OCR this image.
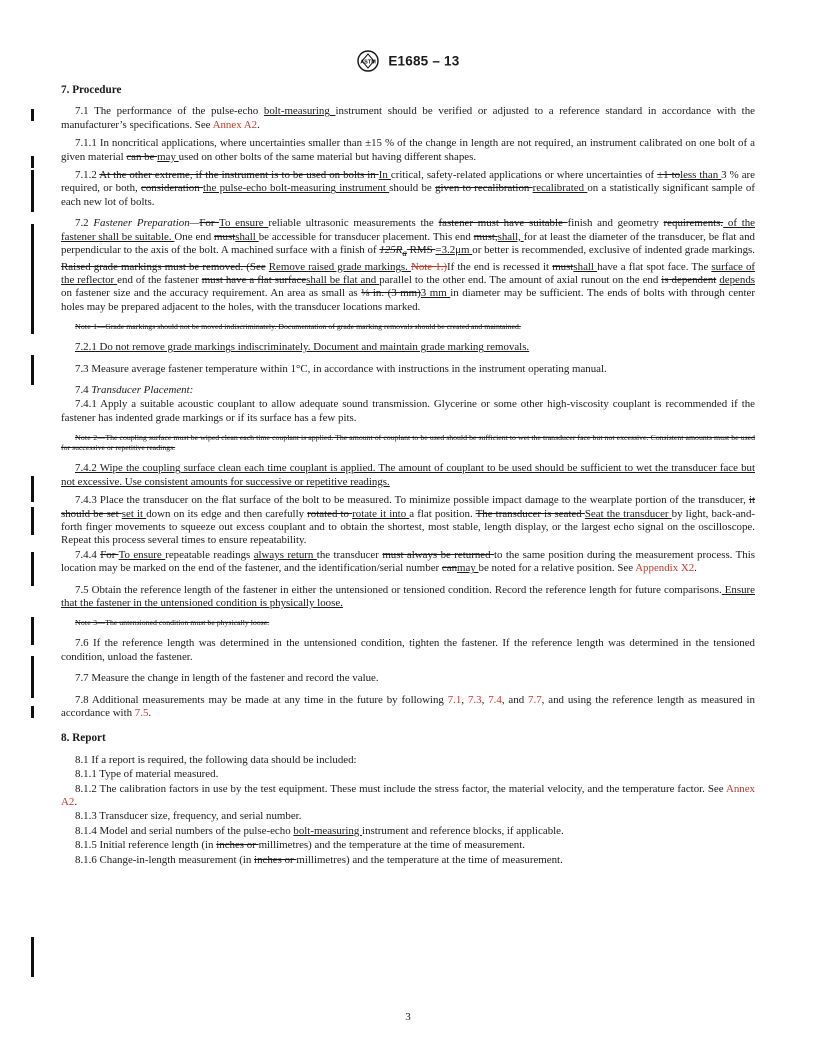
ASTM E1685 – 13
7. Procedure

7.1 The performance of the pulse-echo bolt-measuring instrument should be verified or adjusted to a reference standard in accordance with the manufacturer’s specifications. See Annex A2.

7.1.1 In noncritical applications, where uncertainties smaller than ±15 % of the change in length are not required, an instrument calibrated on one bolt of a given material can be may used on other bolts of the same material but having different shapes.

7.1.2 At the other extreme, if the instrument is to be used on bolts in In critical, safety-related applications or where uncertainties of ±1 toless than 3 % are required, or both, consideration the pulse-echo bolt-measuring instrument should be given to recalibration recalibrated on a statistically significant sample of each new lot of bolts.

7.2 Fastener Preparation—For To ensure reliable ultrasonic measurements the fastener must have suitable finish and geometry requirements. of the fastener shall be suitable. One end mustshall be accessible for transducer placement. This end must,shall, for at least the diameter of the transducer, be flat and perpendicular to the axis of the bolt. A machined surface with a finish of $125R_a$ RMS =3.2μm or better is recommended, exclusive of indented grade markings. Raised grade markings must be removed. (See Remove raised grade markings. Note 1.)If the end is recessed it mustshall have a flat spot face. The surface of the reflector end of the fastener must have a flat surfaceshall be flat and parallel to the other end. The amount of axial runout on the end is dependent depends on fastener size and the accuracy requirement. An area as small as ⅛ in. (3 mm)3 mm in diameter may be sufficient. The ends of bolts with through center holes may be prepared adjacent to the holes, with the transducer locations marked.

Note 1—Grade markings should not be moved indiscriminately. Documentation of grade marking removals should be created and maintained.

7.2.1 Do not remove grade markings indiscriminately. Document and maintain grade marking removals.

7.3 Measure average fastener temperature within 1°C, in accordance with instructions in the instrument operating manual.

7.4 Transducer Placement:

7.4.1 Apply a suitable acoustic couplant to allow adequate sound transmission. Glycerine or some other high-viscosity couplant is recommended if the fastener has indented grade markings or if its surface has a few pits.

Note 2—The coupling surface must be wiped clean each time couplant is applied. The amount of couplant to be used should be sufficient to wet the transducer face but not excessive. Consistent amounts must be used for successive or repetitive readings.

7.4.2 Wipe the coupling surface clean each time couplant is applied. The amount of couplant to be used should be sufficient to wet the transducer face but not excessive. Use consistent amounts for successive or repetitive readings.

7.4.3 Place the transducer on the flat surface of the bolt to be measured. To minimize possible impact damage to the wearplate portion of the transducer, it should be set set it down on its edge and then carefully rotated to rotate it into a flat position. The transducer is seated Seat the transducer by light, back-and-forth finger movements to squeeze out excess couplant and to obtain the shortest, most stable, length display, or the largest echo signal on the oscilloscope. Repeat this process several times to ensure repeatability.

7.4.4 For To ensure repeatable readings always return the transducer must always be returned to the same position during the measurement process. This location may be marked on the end of the fastener, and the identification/serial number canmay be noted for a relative position. See Appendix X2.

7.5 Obtain the reference length of the fastener in either the untensioned or tensioned condition. Record the reference length for future comparisons. Ensure that the fastener in the untensioned condition is physically loose.

Note 3—The untensioned condition must be physically loose.

7.6 If the reference length was determined in the untensioned condition, tighten the fastener. If the reference length was determined in the tensioned condition, unload the fastener.

7.7 Measure the change in length of the fastener and record the value.

7.8 Additional measurements may be made at any time in the future by following 7.1, 7.3, 7.4, and 7.7, and using the reference length as measured in accordance with 7.5.

8. Report

8.1 If a report is required, the following data should be included:

8.1.1 Type of material measured.

8.1.2 The calibration factors in use by the test equipment. These must include the stress factor, the material velocity, and the temperature factor. See Annex A2.

8.1.3 Transducer size, frequency, and serial number.

8.1.4 Model and serial numbers of the pulse-echo bolt-measuring instrument and reference blocks, if applicable.

8.1.5 Initial reference length (in inches or millimetres) and the temperature at the time of measurement.

8.1.6 Change-in-length measurement (in inches or millimetres) and the temperature at the time of measurement.

3
